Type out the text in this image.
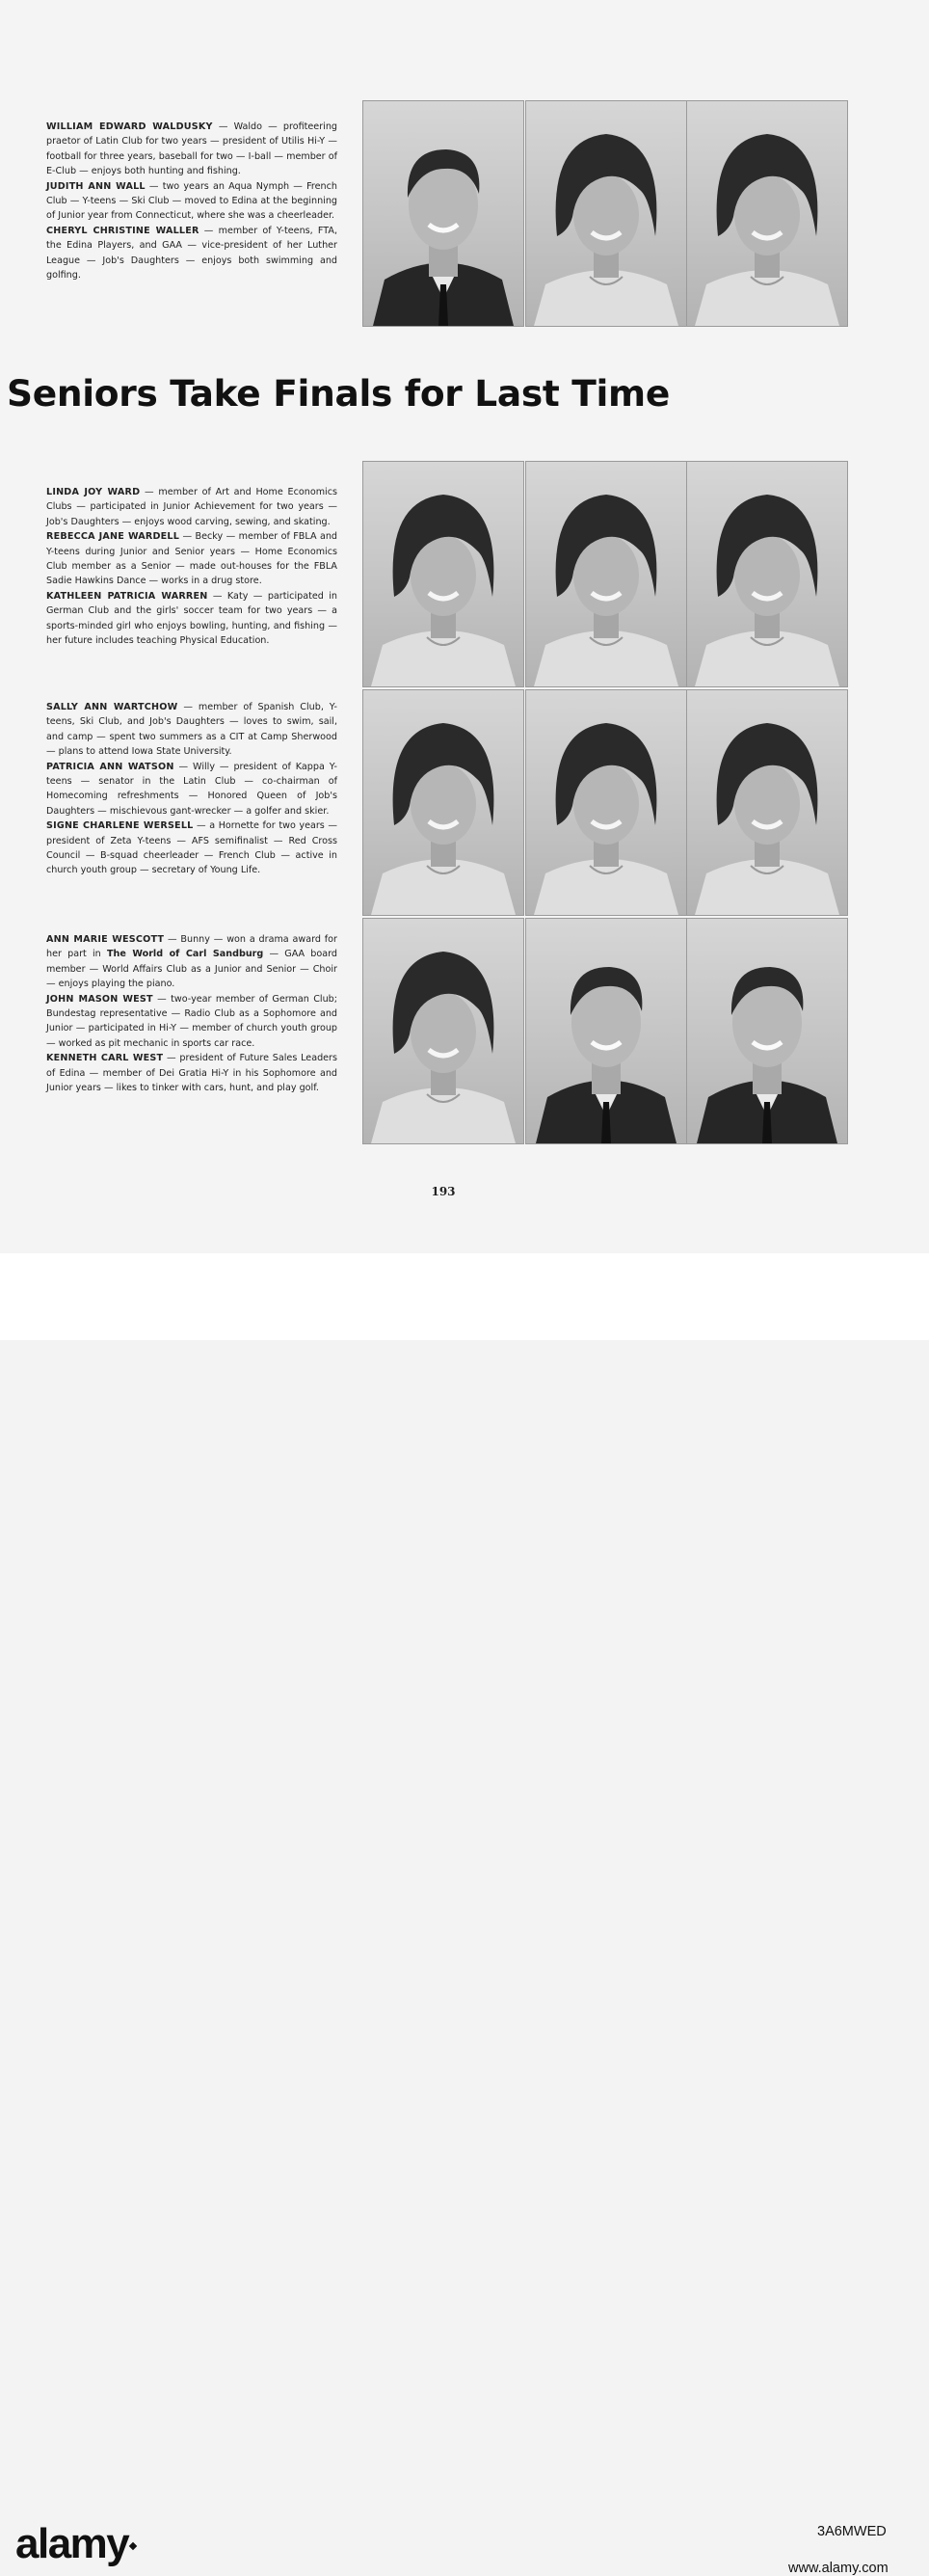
WILLIAM EDWARD WALDUSKY — Waldo — profiteering praetor of Latin Club for two years — president of Utilis Hi-Y — football for three years, baseball for two — I-ball — member of E-Club — enjoys both hunting and fishing.

JUDITH ANN WALL — two years an Aqua Nymph — French Club — Y-teens — Ski Club — moved to Edina at the beginning of Junior year from Connecticut, where she was a cheerleader.

CHERYL CHRISTINE WALLER — member of Y-teens, FTA, the Edina Players, and GAA — vice-president of her Luther League — Job's Daughters — enjoys both swimming and golfing.

Seniors Take Finals for Last Time

LINDA JOY WARD — member of Art and Home Economics Clubs — participated in Junior Achievement for two years — Job's Daughters — enjoys wood carving, sewing, and skating.

REBECCA JANE WARDELL — Becky — member of FBLA and Y-teens during Junior and Senior years — Home Economics Club member as a Senior — made out-houses for the FBLA Sadie Hawkins Dance — works in a drug store.

KATHLEEN PATRICIA WARREN — Katy — participated in German Club and the girls' soccer team for two years — a sports-minded girl who enjoys bowling, hunting, and fishing — her future includes teaching Physical Education.

SALLY ANN WARTCHOW — member of Spanish Club, Y-teens, Ski Club, and Job's Daughters — loves to swim, sail, and camp — spent two summers as a CIT at Camp Sherwood — plans to attend Iowa State University.

PATRICIA ANN WATSON — Willy — president of Kappa Y-teens — senator in the Latin Club — co-chairman of Homecoming refreshments — Honored Queen of Job's Daughters — mischievous gant-wrecker — a golfer and skier.

SIGNE CHARLENE WERSELL — a Hornette for two years — president of Zeta Y-teens — AFS semifinalist — Red Cross Council — B-squad cheerleader — French Club — active in church youth group — secretary of Young Life.

ANN MARIE WESCOTT — Bunny — won a drama award for her part in The World of Carl Sandburg — GAA board member — World Affairs Club as a Junior and Senior — Choir — enjoys playing the piano.

JOHN MASON WEST — two-year member of German Club; Bundestag representative — Radio Club as a Sophomore and Junior — participated in Hi-Y — member of church youth group — worked as pit mechanic in sports car race.

KENNETH CARL WEST — president of Future Sales Leaders of Edina — member of Dei Gratia Hi-Y in his Sophomore and Junior years — likes to tinker with cars, hunt, and play golf.

193
alamy	3A6MWED
www.alamy.com
